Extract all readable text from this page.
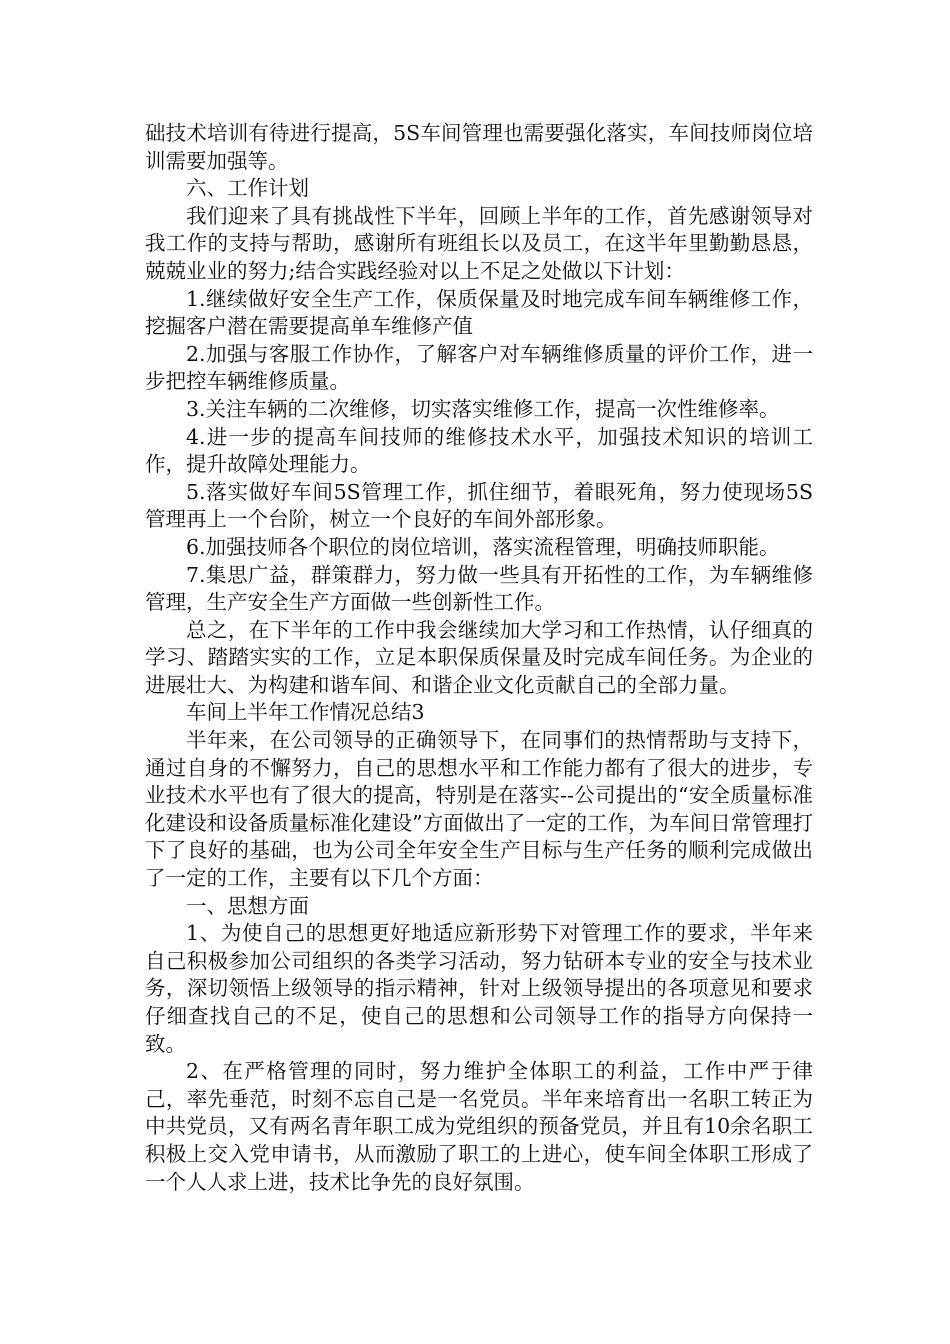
础技术培训有待进行提高，5S车间管理也需要强化落实，车间技师岗位培训需要加强等。

六、工作计划

我们迎来了具有挑战性下半年，回顾上半年的工作，首先感谢领导对我工作的支持与帮助，感谢所有班组长以及员工，在这半年里勤勤恳恳，兢兢业业的努力;结合实践经验对以上不足之处做以下计划：

1.继续做好安全生产工作，保质保量及时地完成车间车辆维修工作，挖掘客户潜在需要提高单车维修产值

2.加强与客服工作协作，了解客户对车辆维修质量的评价工作，进一步把控车辆维修质量。

3.关注车辆的二次维修，切实落实维修工作，提高一次性维修率。

4.进一步的提高车间技师的维修技术水平，加强技术知识的培训工作，提升故障处理能力。

5.落实做好车间5S管理工作，抓住细节，着眼死角，努力使现场5S管理再上一个台阶，树立一个良好的车间外部形象。

6.加强技师各个职位的岗位培训，落实流程管理，明确技师职能。

7.集思广益，群策群力，努力做一些具有开拓性的工作，为车辆维修管理，生产安全生产方面做一些创新性工作。

总之，在下半年的工作中我会继续加大学习和工作热情，认仔细真的学习、踏踏实实的工作，立足本职保质保量及时完成车间任务。为企业的进展壮大、为构建和谐车间、和谐企业文化贡献自己的全部力量。

车间上半年工作情况总结3

半年来，在公司领导的正确领导下，在同事们的热情帮助与支持下，通过自身的不懈努力，自己的思想水平和工作能力都有了很大的进步，专业技术水平也有了很大的提高，特别是在落实--公司提出的“安全质量标准化建设和设备质量标准化建设”方面做出了一定的工作，为车间日常管理打下了良好的基础，也为公司全年安全生产目标与生产任务的顺利完成做出了一定的工作，主要有以下几个方面：

一、思想方面

1、为使自己的思想更好地适应新形势下对管理工作的要求，半年来自己积极参加公司组织的各类学习活动，努力钻研本专业的安全与技术业务，深切领悟上级领导的指示精神，针对上级领导提出的各项意见和要求仔细查找自己的不足，使自己的思想和公司领导工作的指导方向保持一致。

2、在严格管理的同时，努力维护全体职工的利益，工作中严于律己，率先垂范，时刻不忘自己是一名党员。半年来培育出一名职工转正为中共党员，又有两名青年职工成为党组织的预备党员，并且有10余名职工积极上交入党申请书，从而激励了职工的上进心，使车间全体职工形成了一个人人求上进，技术比争先的良好氛围。
